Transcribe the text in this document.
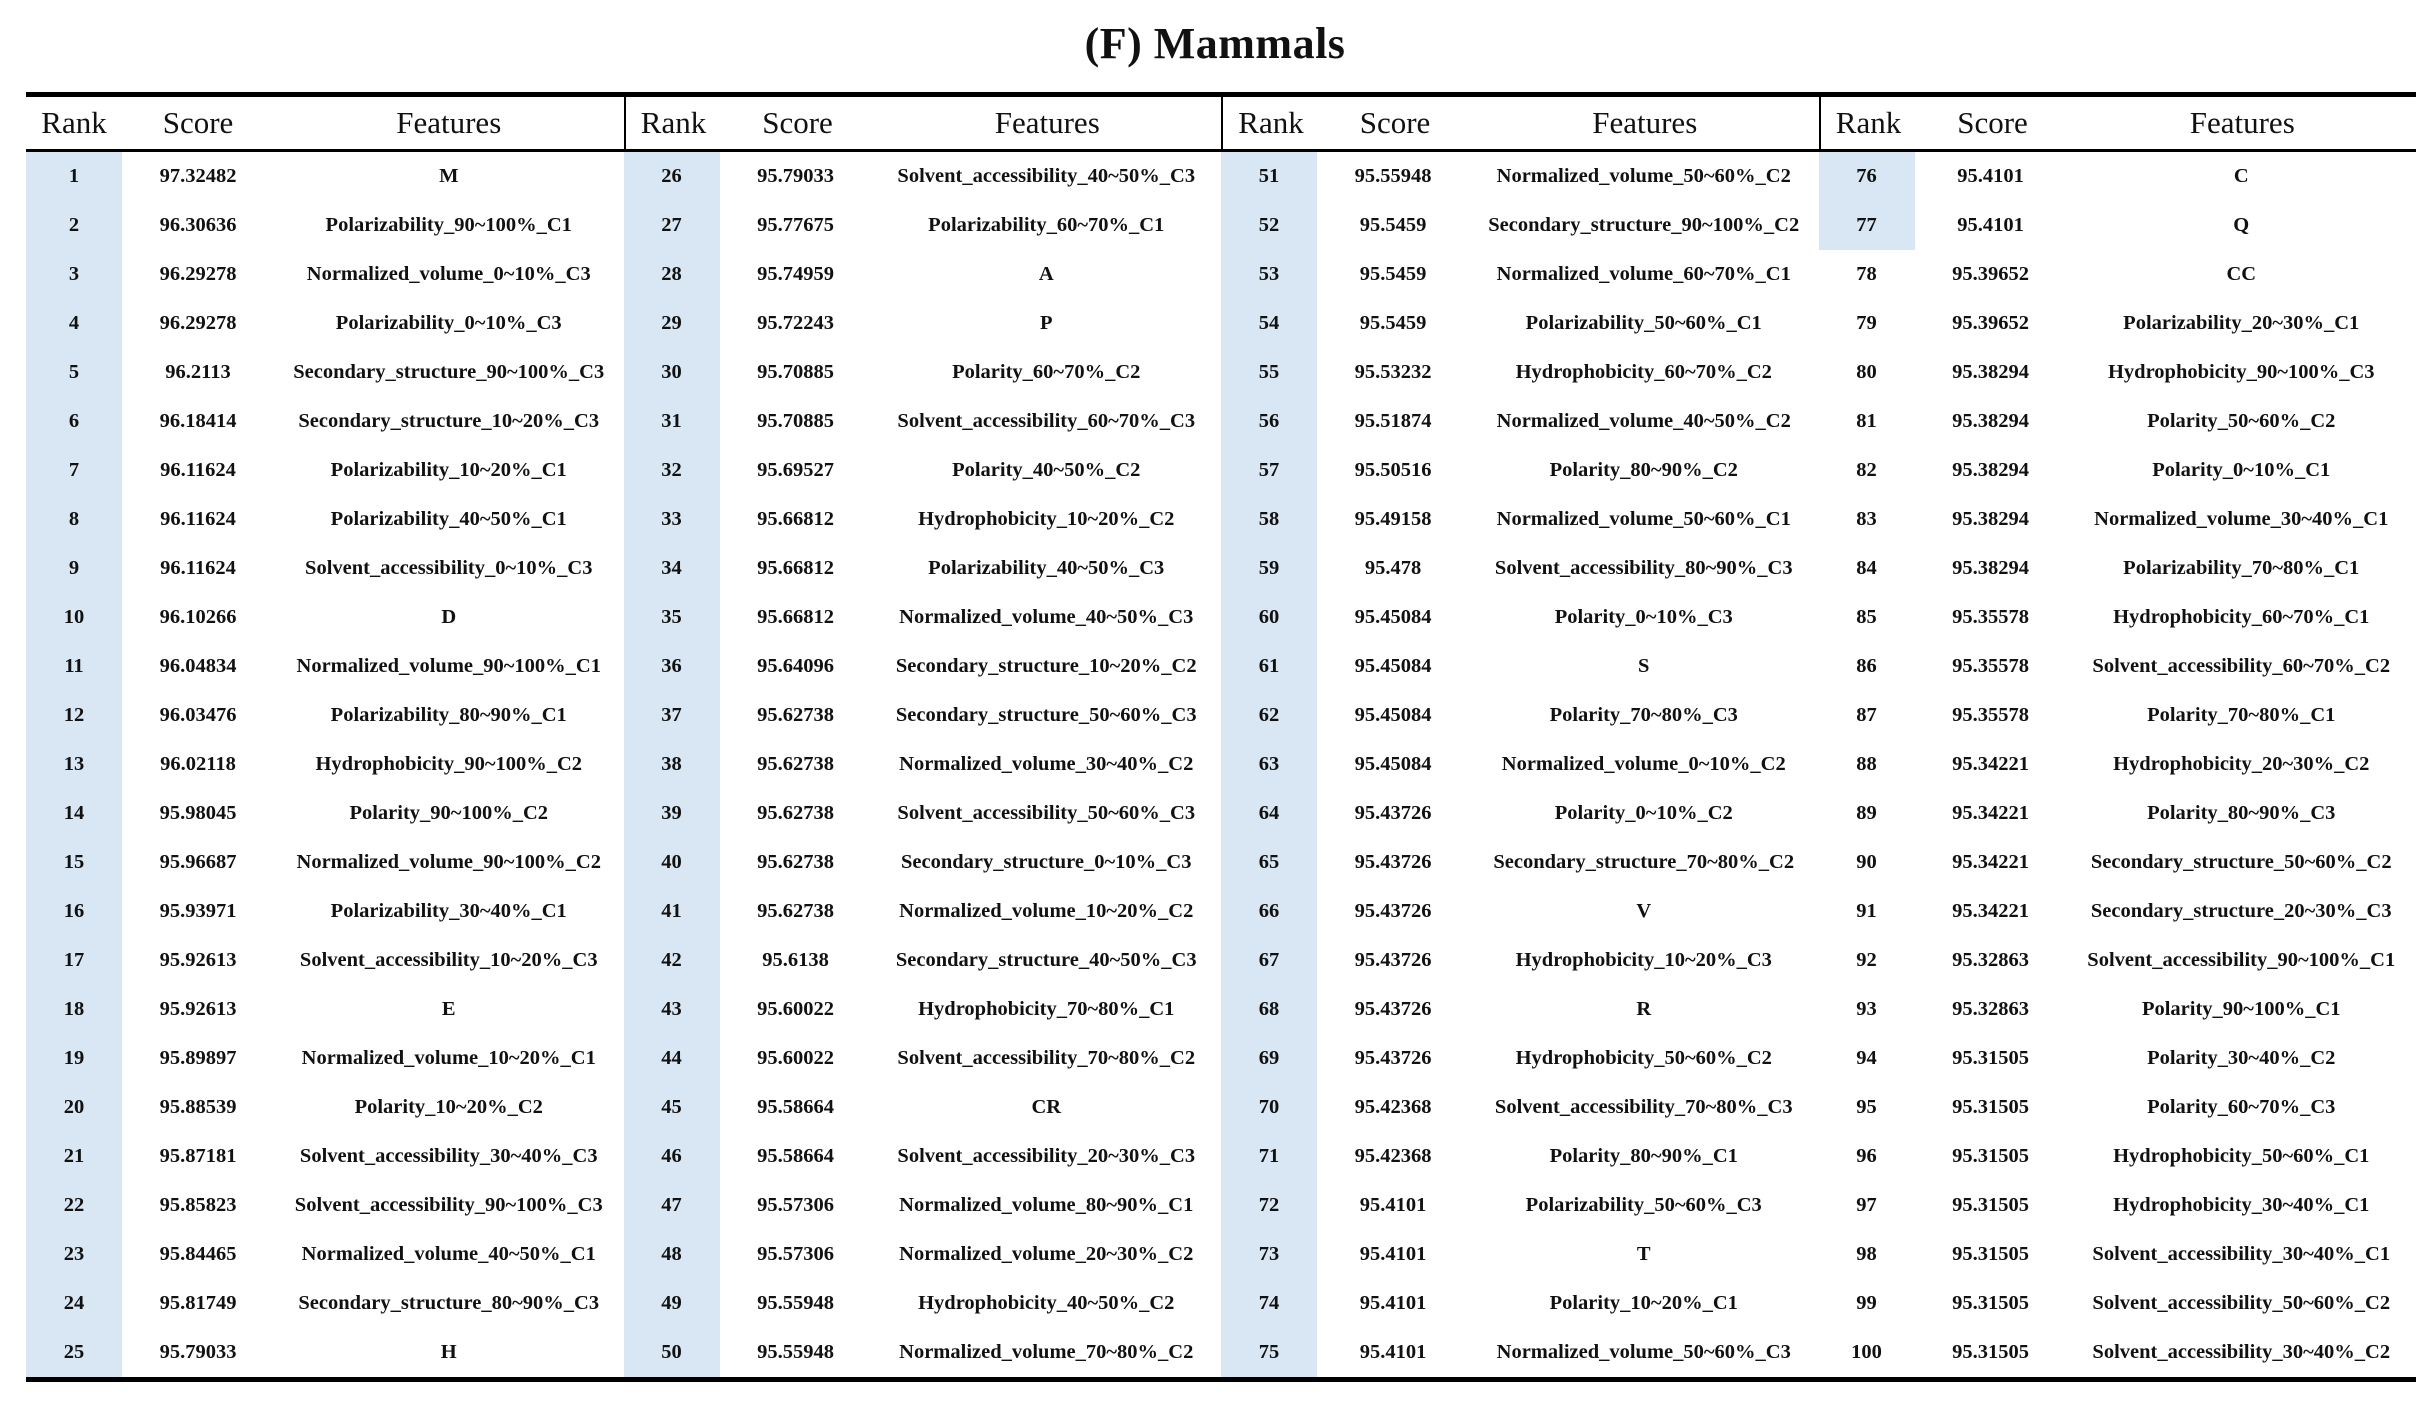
(F) Mammals
Rank	Score	Features
1	97.32482	M
2	96.30636	Polarizability_90~100%_C1
3	96.29278	Normalized_volume_0~10%_C3
4	96.29278	Polarizability_0~10%_C3
5	96.2113	Secondary_structure_90~100%_C3
6	96.18414	Secondary_structure_10~20%_C3
7	96.11624	Polarizability_10~20%_C1
8	96.11624	Polarizability_40~50%_C1
9	96.11624	Solvent_accessibility_0~10%_C3
10	96.10266	D
11	96.04834	Normalized_volume_90~100%_C1
12	96.03476	Polarizability_80~90%_C1
13	96.02118	Hydrophobicity_90~100%_C2
14	95.98045	Polarity_90~100%_C2
15	95.96687	Normalized_volume_90~100%_C2
16	95.93971	Polarizability_30~40%_C1
17	95.92613	Solvent_accessibility_10~20%_C3
18	95.92613	E
19	95.89897	Normalized_volume_10~20%_C1
20	95.88539	Polarity_10~20%_C2
21	95.87181	Solvent_accessibility_30~40%_C3
22	95.85823	Solvent_accessibility_90~100%_C3
23	95.84465	Normalized_volume_40~50%_C1
24	95.81749	Secondary_structure_80~90%_C3
25	95.79033	H
Rank	Score	Features
26	95.79033	Solvent_accessibility_40~50%_C3
27	95.77675	Polarizability_60~70%_C1
28	95.74959	A
29	95.72243	P
30	95.70885	Polarity_60~70%_C2
31	95.70885	Solvent_accessibility_60~70%_C3
32	95.69527	Polarity_40~50%_C2
33	95.66812	Hydrophobicity_10~20%_C2
34	95.66812	Polarizability_40~50%_C3
35	95.66812	Normalized_volume_40~50%_C3
36	95.64096	Secondary_structure_10~20%_C2
37	95.62738	Secondary_structure_50~60%_C3
38	95.62738	Normalized_volume_30~40%_C2
39	95.62738	Solvent_accessibility_50~60%_C3
40	95.62738	Secondary_structure_0~10%_C3
41	95.62738	Normalized_volume_10~20%_C2
42	95.6138	Secondary_structure_40~50%_C3
43	95.60022	Hydrophobicity_70~80%_C1
44	95.60022	Solvent_accessibility_70~80%_C2
45	95.58664	CR
46	95.58664	Solvent_accessibility_20~30%_C3
47	95.57306	Normalized_volume_80~90%_C1
48	95.57306	Normalized_volume_20~30%_C2
49	95.55948	Hydrophobicity_40~50%_C2
50	95.55948	Normalized_volume_70~80%_C2
Rank	Score	Features
51	95.55948	Normalized_volume_50~60%_C2
52	95.5459	Secondary_structure_90~100%_C2
53	95.5459	Normalized_volume_60~70%_C1
54	95.5459	Polarizability_50~60%_C1
55	95.53232	Hydrophobicity_60~70%_C2
56	95.51874	Normalized_volume_40~50%_C2
57	95.50516	Polarity_80~90%_C2
58	95.49158	Normalized_volume_50~60%_C1
59	95.478	Solvent_accessibility_80~90%_C3
60	95.45084	Polarity_0~10%_C3
61	95.45084	S
62	95.45084	Polarity_70~80%_C3
63	95.45084	Normalized_volume_0~10%_C2
64	95.43726	Polarity_0~10%_C2
65	95.43726	Secondary_structure_70~80%_C2
66	95.43726	V
67	95.43726	Hydrophobicity_10~20%_C3
68	95.43726	R
69	95.43726	Hydrophobicity_50~60%_C2
70	95.42368	Solvent_accessibility_70~80%_C3
71	95.42368	Polarity_80~90%_C1
72	95.4101	Polarizability_50~60%_C3
73	95.4101	T
74	95.4101	Polarity_10~20%_C1
75	95.4101	Normalized_volume_50~60%_C3
Rank	Score	Features
76	95.4101	C
77	95.4101	Q
78	95.39652	CC
79	95.39652	Polarizability_20~30%_C1
80	95.38294	Hydrophobicity_90~100%_C3
81	95.38294	Polarity_50~60%_C2
82	95.38294	Polarity_0~10%_C1
83	95.38294	Normalized_volume_30~40%_C1
84	95.38294	Polarizability_70~80%_C1
85	95.35578	Hydrophobicity_60~70%_C1
86	95.35578	Solvent_accessibility_60~70%_C2
87	95.35578	Polarity_70~80%_C1
88	95.34221	Hydrophobicity_20~30%_C2
89	95.34221	Polarity_80~90%_C3
90	95.34221	Secondary_structure_50~60%_C2
91	95.34221	Secondary_structure_20~30%_C3
92	95.32863	Solvent_accessibility_90~100%_C1
93	95.32863	Polarity_90~100%_C1
94	95.31505	Polarity_30~40%_C2
95	95.31505	Polarity_60~70%_C3
96	95.31505	Hydrophobicity_50~60%_C1
97	95.31505	Hydrophobicity_30~40%_C1
98	95.31505	Solvent_accessibility_30~40%_C1
99	95.31505	Solvent_accessibility_50~60%_C2
100	95.31505	Solvent_accessibility_30~40%_C2
